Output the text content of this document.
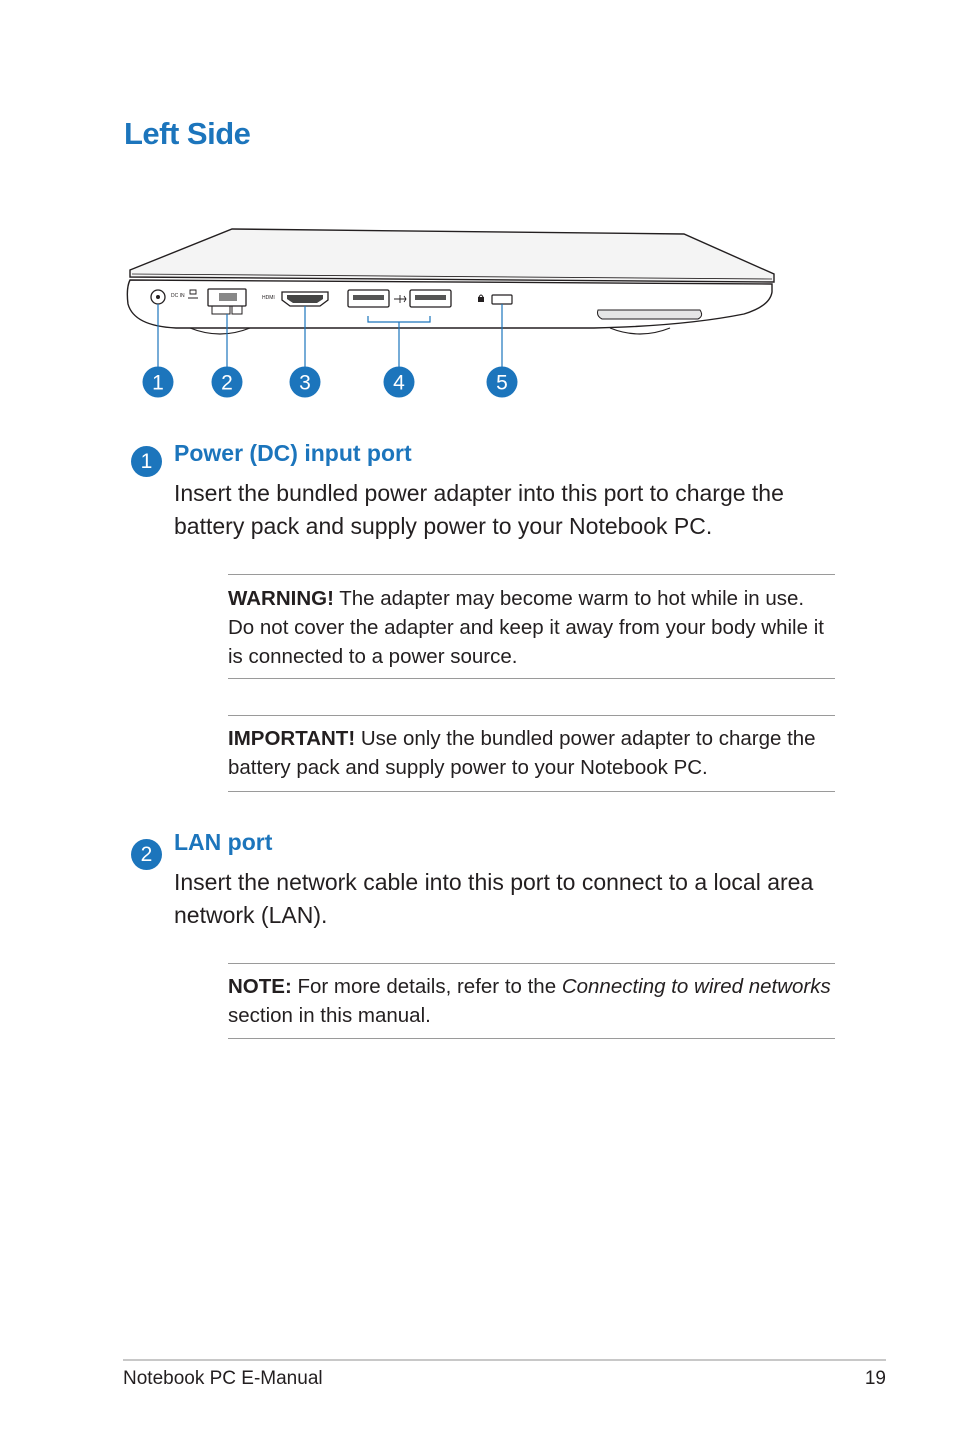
Left Side
DC IN	HDMI
1	2	3	4	5
1 Power (DC) input port

Insert the bundled power adapter into this port to charge the battery pack and supply power to your Notebook PC.

WARNING! The adapter may become warm to hot while in use. Do not cover the adapter and keep it away from your body while it is connected to a power source.

IMPORTANT! Use only the bundled power adapter to charge the battery pack and supply power to your Notebook PC.

2 LAN port

Insert the network cable into this port to connect to a local area network (LAN).

NOTE: For more details, refer to the Connecting to wired networks section in this manual.

Notebook PC E-Manual	19
